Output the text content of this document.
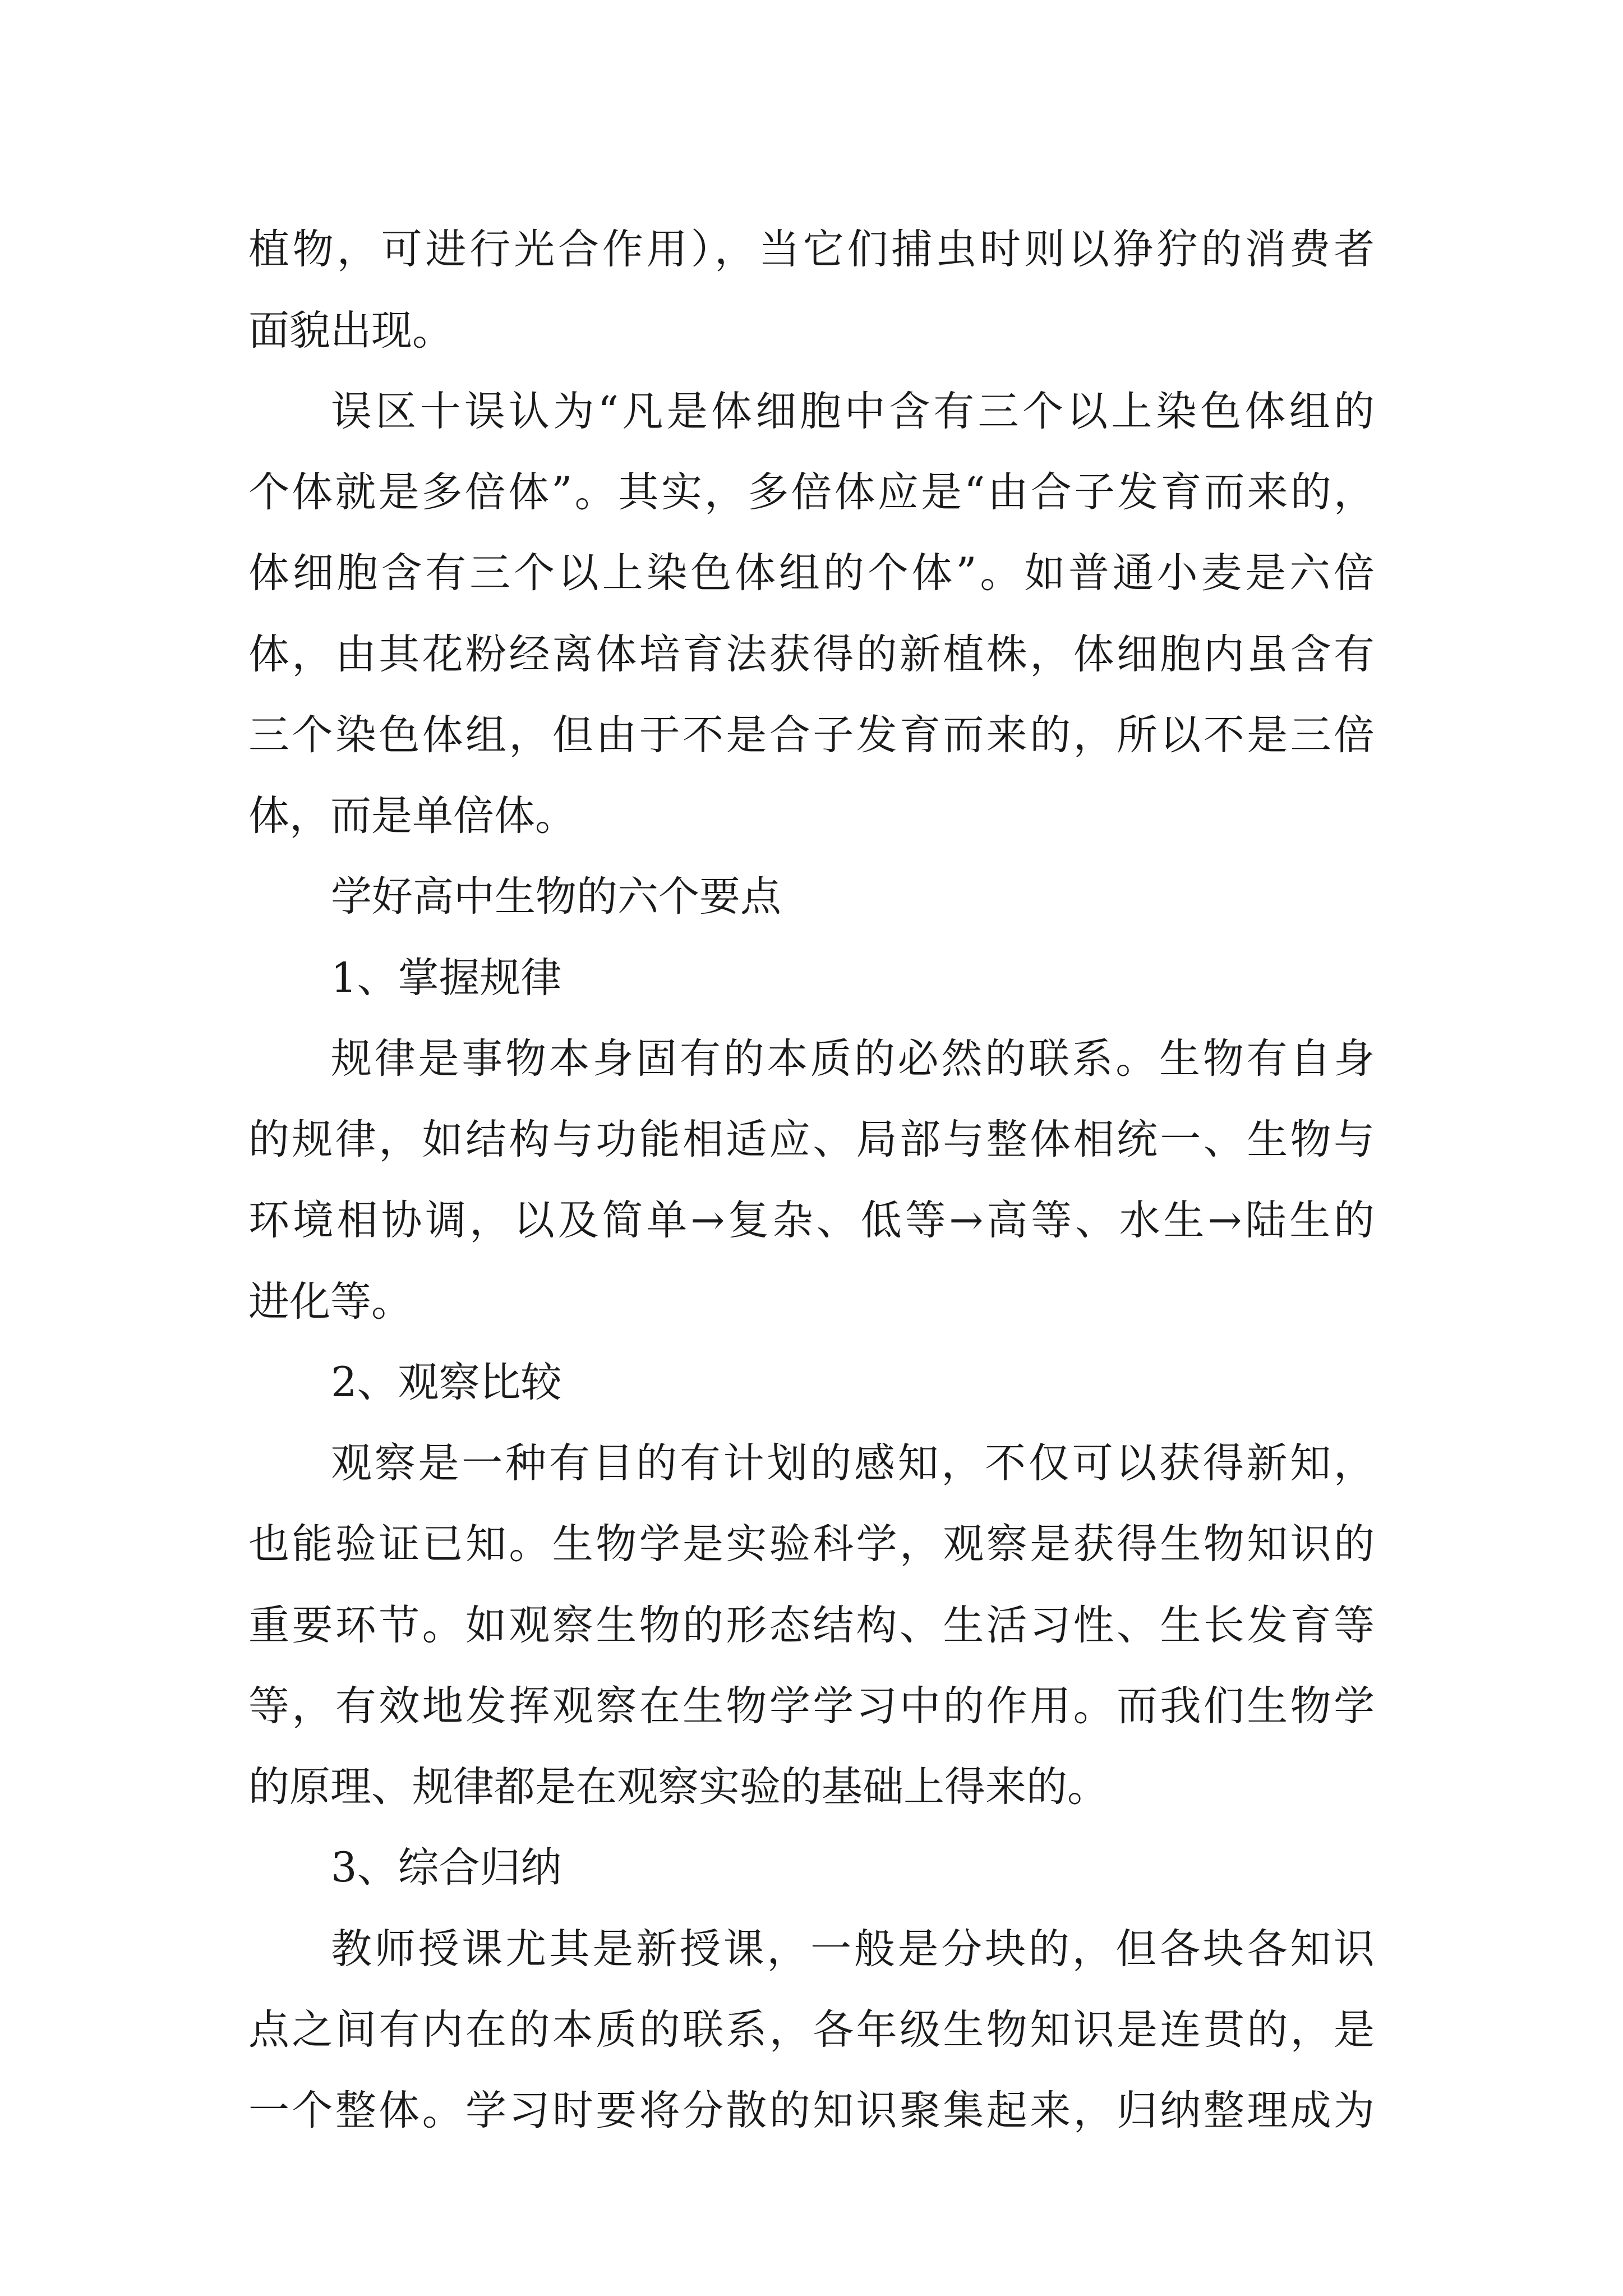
植物，可进行光合作用），当它们捕虫时则以狰狞的消费者
面貌出现。
误区十误认为“凡是体细胞中含有三个以上染色体组的
个体就是多倍体”。其实，多倍体应是“由合子发育而来的，
体细胞含有三个以上染色体组的个体”。如普通小麦是六倍
体，由其花粉经离体培育法获得的新植株，体细胞内虽含有
三个染色体组，但由于不是合子发育而来的，所以不是三倍
体，而是单倍体。
学好高中生物的六个要点
1、掌握规律
规律是事物本身固有的本质的必然的联系。生物有自身
的规律，如结构与功能相适应、局部与整体相统一、生物与
环境相协调，以及简单→复杂、低等→高等、水生→陆生的
进化等。
2、观察比较
观察是一种有目的有计划的感知，不仅可以获得新知，
也能验证已知。生物学是实验科学，观察是获得生物知识的
重要环节。如观察生物的形态结构、生活习性、生长发育等
等，有效地发挥观察在生物学学习中的作用。而我们生物学
的原理、规律都是在观察实验的基础上得来的。
3、综合归纳
教师授课尤其是新授课，一般是分块的，但各块各知识
点之间有内在的本质的联系，各年级生物知识是连贯的，是
一个整体。学习时要将分散的知识聚集起来，归纳整理成为
